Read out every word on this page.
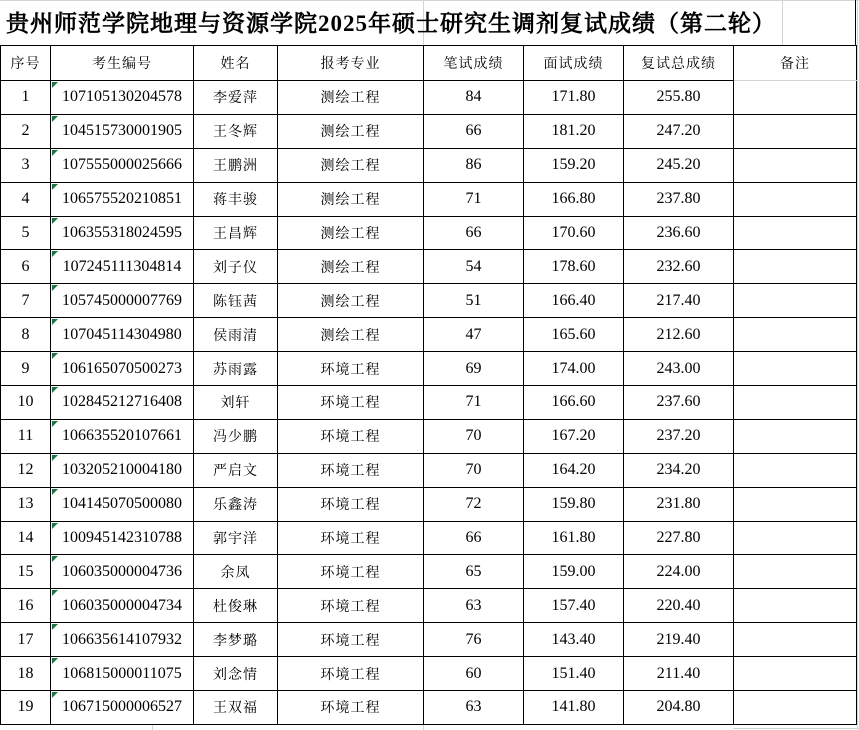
贵州师范学院地理与资源学院2025年硕士研究生调剂复试成绩（第二轮）
序号	考生编号	姓名	报考专业	笔试成绩	面试成绩	复试总成绩	备注
1	107105130204578	李爱萍	测绘工程	84	171.80	255.80	
2	104515730001905	王冬辉	测绘工程	66	181.20	247.20	
3	107555000025666	王鹏洲	测绘工程	86	159.20	245.20	
4	106575520210851	蒋丰骏	测绘工程	71	166.80	237.80	
5	106355318024595	王昌辉	测绘工程	66	170.60	236.60	
6	107245111304814	刘子仪	测绘工程	54	178.60	232.60	
7	105745000007769	陈钰茜	测绘工程	51	166.40	217.40	
8	107045114304980	侯雨清	测绘工程	47	165.60	212.60	
9	106165070500273	苏雨露	环境工程	69	174.00	243.00	
10	102845212716408	刘轩	环境工程	71	166.60	237.60	
11	106635520107661	冯少鹏	环境工程	70	167.20	237.20	
12	103205210004180	严启文	环境工程	70	164.20	234.20	
13	104145070500080	乐鑫涛	环境工程	72	159.80	231.80	
14	100945142310788	郭宇洋	环境工程	66	161.80	227.80	
15	106035000004736	余凤	环境工程	65	159.00	224.00	
16	106035000004734	杜俊琳	环境工程	63	157.40	220.40	
17	106635614107932	李梦璐	环境工程	76	143.40	219.40	
18	106815000011075	刘念情	环境工程	60	151.40	211.40	
19	106715000006527	王双福	环境工程	63	141.80	204.80	
